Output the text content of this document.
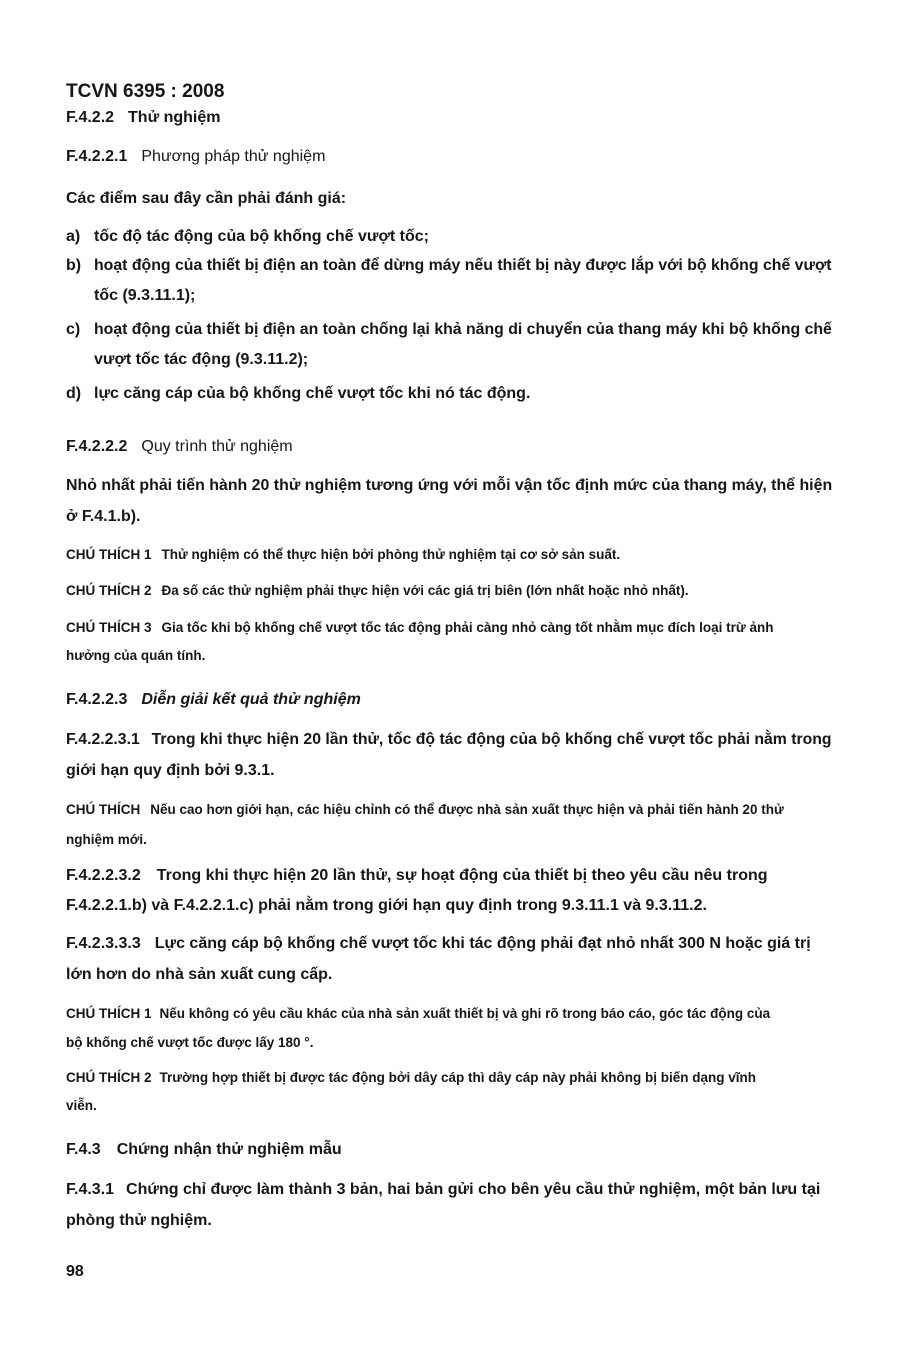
TCVN 6395 : 2008
F.4.2.2 Thử nghiệm
F.4.2.2.1 Phương pháp thử nghiệm
Các điểm sau đây cần phải đánh giá:
a) tốc độ tác động của bộ khống chế vượt tốc;
b) hoạt động của thiết bị điện an toàn để dừng máy nếu thiết bị này được lắp với bộ khống chế vượt
tốc (9.3.11.1);
c) hoạt động của thiết bị điện an toàn chống lại khả năng di chuyển của thang máy khi bộ khống chế
vượt tốc tác động (9.3.11.2);
d) lực căng cáp của bộ khống chế vượt tốc khi nó tác động.
F.4.2.2.2 Quy trình thử nghiệm
Nhỏ nhất phải tiến hành 20 thử nghiệm tương ứng với mỗi vận tốc định mức của thang máy, thể hiện
ở F.4.1.b).
CHÚ THÍCH 1 Thử nghiệm có thể thực hiện bởi phòng thử nghiệm tại cơ sở sản suất.
CHÚ THÍCH 2 Đa số các thử nghiệm phải thực hiện với các giá trị biên (lớn nhất hoặc nhỏ nhất).
CHÚ THÍCH 3 Gia tốc khi bộ khống chế vượt tốc tác động phải càng nhỏ càng tốt nhằm mục đích loại trừ ảnh
hưởng của quán tính.
F.4.2.2.3 Diễn giải kết quả thử nghiệm
F.4.2.2.3.1 Trong khi thực hiện 20 lần thử, tốc độ tác động của bộ khống chế vượt tốc phải nằm trong
giới hạn quy định bởi 9.3.1.
CHÚ THÍCH Nếu cao hơn giới hạn, các hiệu chỉnh có thể được nhà sản xuất thực hiện và phải tiến hành 20 thử
nghiệm mới.
F.4.2.2.3.2 Trong khi thực hiện 20 lần thử, sự hoạt động của thiết bị theo yêu cầu nêu trong
F.4.2.2.1.b) và F.4.2.2.1.c) phải nằm trong giới hạn quy định trong 9.3.11.1 và 9.3.11.2.
F.4.2.3.3.3 Lực căng cáp bộ khống chế vượt tốc khi tác động phải đạt nhỏ nhất 300 N hoặc giá trị
lớn hơn do nhà sản xuất cung cấp.
CHÚ THÍCH 1 Nếu không có yêu cầu khác của nhà sản xuất thiết bị và ghi rõ trong báo cáo, góc tác động của
bộ khống chế vượt tốc được lấy 180 °.
CHÚ THÍCH 2 Trường hợp thiết bị được tác động bởi dây cáp thì dây cáp này phải không bị biến dạng vĩnh
viễn.
F.4.3 Chứng nhận thử nghiệm mẫu
F.4.3.1 Chứng chỉ được làm thành 3 bản, hai bản gửi cho bên yêu cầu thử nghiệm, một bản lưu tại
phòng thử nghiệm.
98
